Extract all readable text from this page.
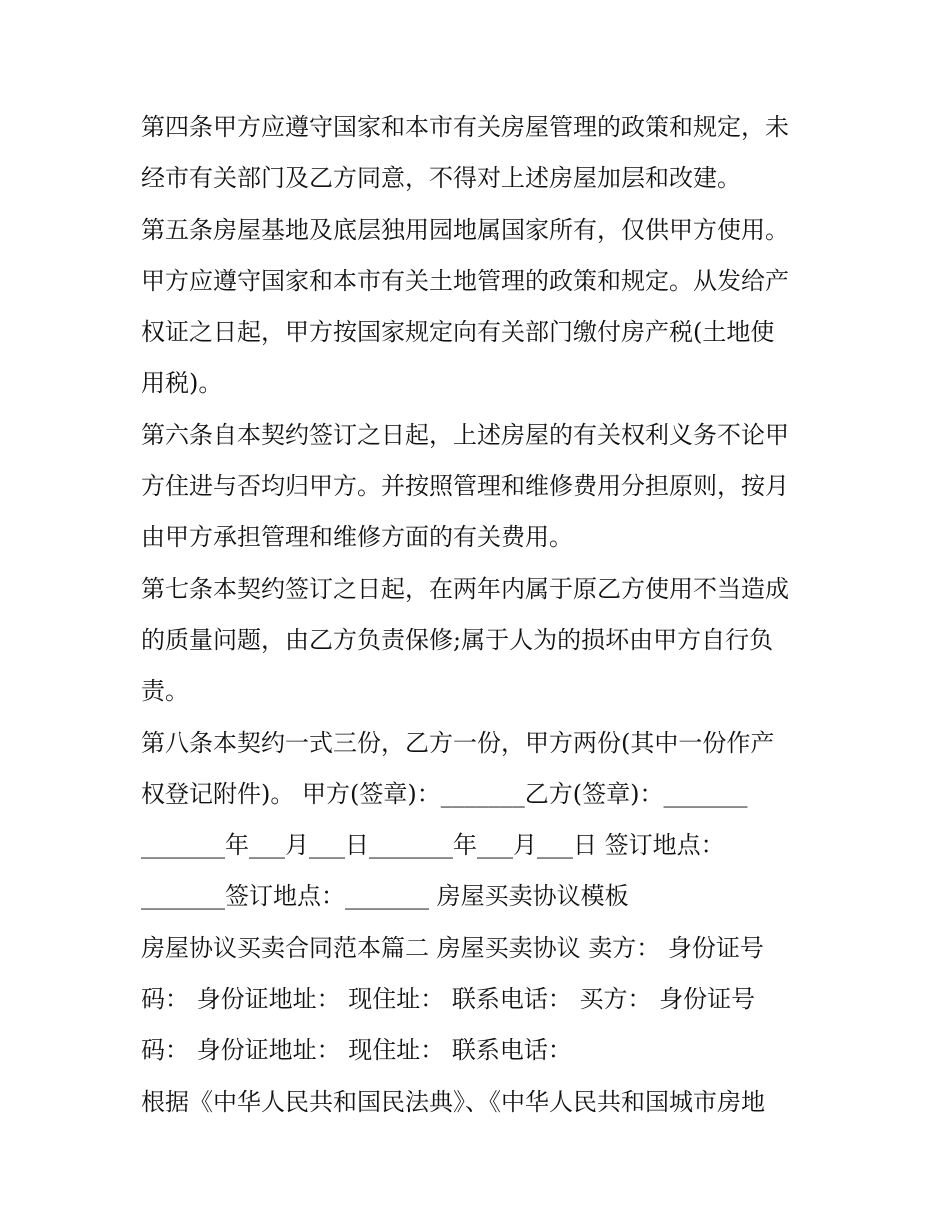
第四条甲方应遵守国家和本市有关房屋管理的政策和规定，未
经市有关部门及乙方同意，不得对上述房屋加层和改建。
第五条房屋基地及底层独用园地属国家所有，仅供甲方使用。
甲方应遵守国家和本市有关土地管理的政策和规定。从发给产
权证之日起，甲方按国家规定向有关部门缴付房产税(土地使
用税)。
第六条自本契约签订之日起，上述房屋的有关权利义务不论甲
方住进与否均归甲方。并按照管理和维修费用分担原则，按月
由甲方承担管理和维修方面的有关费用。
第七条本契约签订之日起，在两年内属于原乙方使用不当造成
的质量问题，由乙方负责保修;属于人为的损坏由甲方自行负
责。
第八条本契约一式三份，乙方一份，甲方两份(其中一份作产
权登记附件)。 甲方(签章)：_______乙方(签章)：_______
_______年___月___日_______年___月___日 签订地点：
_______签订地点：_______ 房屋买卖协议模板
房屋协议买卖合同范本篇二 房屋买卖协议 卖方： 身份证号
码： 身份证地址： 现住址： 联系电话： 买方： 身份证号
码： 身份证地址： 现住址： 联系电话：
根据《中华人民共和国民法典》、《中华人民共和国城市房地
